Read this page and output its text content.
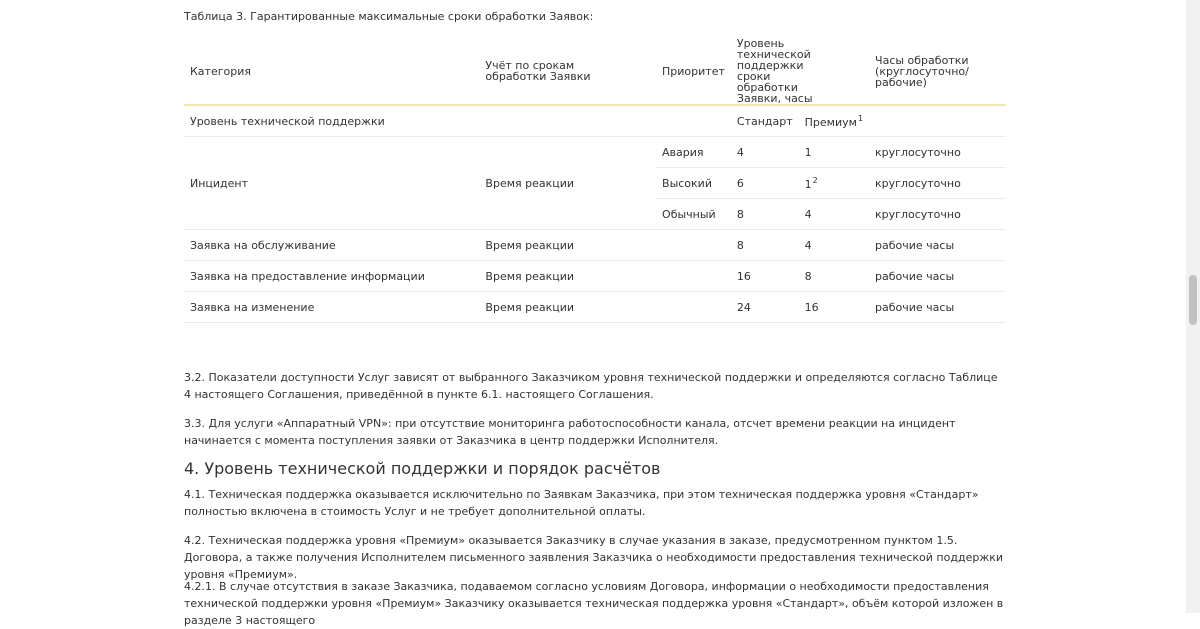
Таблица 3. Гарантированные максимальные сроки обработки Заявок:
Категория	Учёт по срокам обработки Заявки	Приоритет	Уровень технической поддержки сроки обработки Заявки, часы		Часы обработки (круглосуточно/ рабочие)

Уровень технической поддержки			Стандарт	Премиум$^1$	
Инцидент	Время реакции	Авария	4	1	круглосуточно
		Высокий	6	$1^2$	круглосуточно
		Обычный	8	4	круглосуточно
Заявка на обслуживание	Время реакции		8	4	рабочие часы
Заявка на предоставление информации	Время реакции		16	8	рабочие часы
Заявка на изменение	Время реакции		24	16	рабочие часы

3.2. Показатели доступности Услуг зависят от выбранного Заказчиком уровня технической поддержки и определяются согласно Таблице 4 настоящего Соглашения, приведённой в пункте 6.1. настоящего Соглашения.

3.3. Для услуги «Аппаратный VPN»: при отсутствие мониторинга работоспособности канала, отсчет времени реакции на инцидент начинается с момента поступления заявки от Заказчика в центр поддержки Исполнителя.

4. Уровень технической поддержки и порядок расчётов

4.1. Техническая поддержка оказывается исключительно по Заявкам Заказчика, при этом техническая поддержка уровня «Стандарт» полностью включена в стоимость Услуг и не требует дополнительной оплаты.

4.2. Техническая поддержка уровня «Премиум» оказывается Заказчику в случае указания в заказе, предусмотренном пунктом 1.5. Договора, а также получения Исполнителем письменного заявления Заказчика о необходимости предоставления технической поддержки уровня «Премиум».

4.2.1. В случае отсутствия в заказе Заказчика, подаваемом согласно условиям Договора, информации о необходимости предоставления технической поддержки уровня «Премиум» Заказчику оказывается техническая поддержка уровня «Стандарт», объём которой изложен в разделе 3 настоящего
